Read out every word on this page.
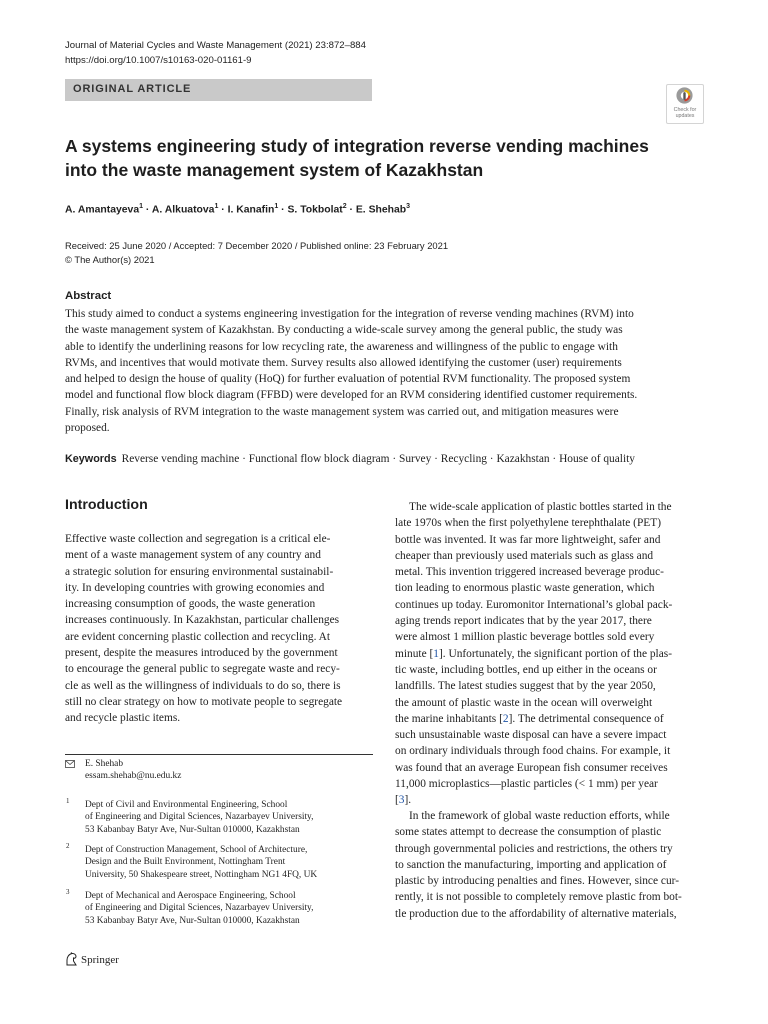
Journal of Material Cycles and Waste Management (2021) 23:872–884
https://doi.org/10.1007/s10163-020-01161-9
ORIGINAL ARTICLE
Check for
updates
A systems engineering study of integration reverse vending machines
into the waste management system of Kazakhstan
A. Amantayeva$^1$ · A. Alkuatova$^1$ · I. Kanafin$^1$ · S. Tokbolat$^2$ · E. Shehab$^3$
Received: 25 June 2020 / Accepted: 7 December 2020 / Published online: 23 February 2021
© The Author(s) 2021
Abstract
This study aimed to conduct a systems engineering investigation for the integration of reverse vending machines (RVM) into
the waste management system of Kazakhstan. By conducting a wide-scale survey among the general public, the study was
able to identify the underlining reasons for low recycling rate, the awareness and willingness of the public to engage with
RVMs, and incentives that would motivate them. Survey results also allowed identifying the customer (user) requirements
and helped to design the house of quality (HoQ) for further evaluation of potential RVM functionality. The proposed system
model and functional flow block diagram (FFBD) were developed for an RVM considering identified customer requirements.
Finally, risk analysis of RVM integration to the waste management system was carried out, and mitigation measures were
proposed.
Keywords Reverse vending machine · Functional flow block diagram · Survey · Recycling · Kazakhstan · House of quality
Introduction
Effective waste collection and segregation is a critical ele-
ment of a waste management system of any country and
a strategic solution for ensuring environmental sustainabil-
ity. In developing countries with growing economies and
increasing consumption of goods, the waste generation
increases continuously. In Kazakhstan, particular challenges
are evident concerning plastic collection and recycling. At
present, despite the measures introduced by the government
to encourage the general public to segregate waste and recy-
cle as well as the willingness of individuals to do so, there is
still no clear strategy on how to motivate people to segregate
and recycle plastic items.
The wide-scale application of plastic bottles started in the
late 1970s when the first polyethylene terephthalate (PET)
bottle was invented. It was far more lightweight, safer and
cheaper than previously used materials such as glass and
metal. This invention triggered increased beverage produc-
tion leading to enormous plastic waste generation, which
continues up today. Euromonitor International’s global pack-
aging trends report indicates that by the year 2017, there
were almost 1 million plastic beverage bottles sold every
minute [1]. Unfortunately, the significant portion of the plas-
tic waste, including bottles, end up either in the oceans or
landfills. The latest studies suggest that by the year 2050,
the amount of plastic waste in the ocean will overweight
the marine inhabitants [2]. The detrimental consequence of
such unsustainable waste disposal can have a severe impact
on ordinary individuals through food chains. For example, it
was found that an average European fish consumer receives
11,000 microplastics—plastic particles (< 1 mm) per year
[3].
In the framework of global waste reduction efforts, while
some states attempt to decrease the consumption of plastic
through governmental policies and restrictions, the others try
to sanction the manufacturing, importing and application of
plastic by introducing penalties and fines. However, since cur-
rently, it is not possible to completely remove plastic from bot-
tle production due to the affordability of alternative materials,
E. Shehab
essam.shehab@nu.edu.kz
1 Dept of Civil and Environmental Engineering, School
of Engineering and Digital Sciences, Nazarbayev University,
53 Kabanbay Batyr Ave, Nur-Sultan 010000, Kazakhstan
2 Dept of Construction Management, School of Architecture,
Design and the Built Environment, Nottingham Trent
University, 50 Shakespeare street, Nottingham NG1 4FQ, UK
3 Dept of Mechanical and Aerospace Engineering, School
of Engineering and Digital Sciences, Nazarbayev University,
53 Kabanbay Batyr Ave, Nur-Sultan 010000, Kazakhstan
Springer
